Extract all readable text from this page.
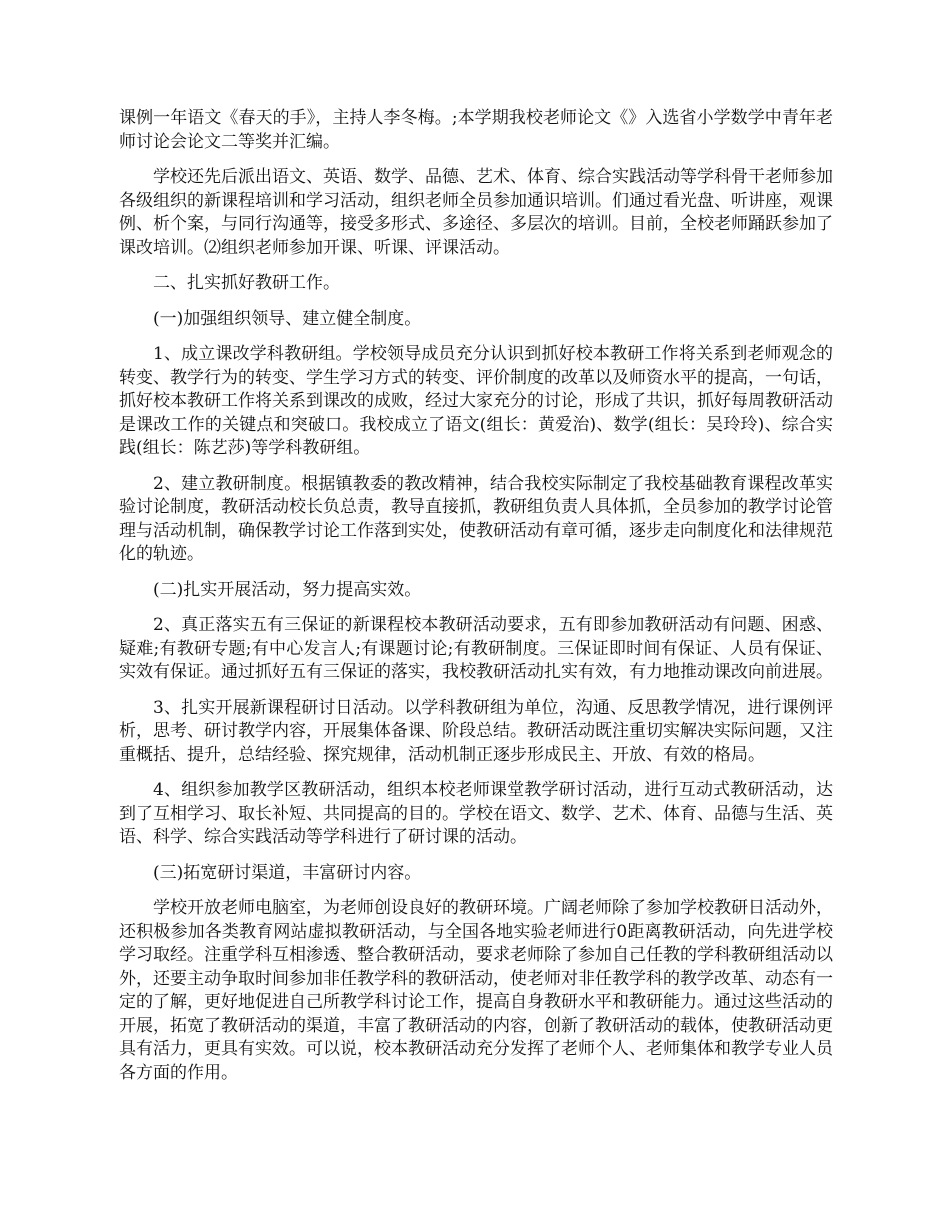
课例一年语文《春天的手》，主持人李冬梅。;本学期我校老师论文《》入选省小学数学中青年老师讨论会论文二等奖并汇编。

学校还先后派出语文、英语、数学、品德、艺术、体育、综合实践活动等学科骨干老师参加各级组织的新课程培训和学习活动，组织老师全员参加通识培训。们通过看光盘、听讲座，观课例、析个案，与同行沟通等，接受多形式、多途径、多层次的培训。目前，全校老师踊跃参加了课改培训。⑵组织老师参加开课、听课、评课活动。

二、扎实抓好教研工作。

(一)加强组织领导、建立健全制度。

1、成立课改学科教研组。学校领导成员充分认识到抓好校本教研工作将关系到老师观念的转变、教学行为的转变、学生学习方式的转变、评价制度的改革以及师资水平的提高，一句话，抓好校本教研工作将关系到课改的成败，经过大家充分的讨论，形成了共识，抓好每周教研活动是课改工作的关键点和突破口。我校成立了语文(组长：黄爱治)、数学(组长：吴玲玲)、综合实践(组长：陈艺莎)等学科教研组。

2、建立教研制度。根据镇教委的教改精神，结合我校实际制定了我校基础教育课程改革实验讨论制度，教研活动校长负总责，教导直接抓，教研组负责人具体抓，全员参加的教学讨论管理与活动机制，确保教学讨论工作落到实处，使教研活动有章可循，逐步走向制度化和法律规范化的轨迹。

(二)扎实开展活动，努力提高实效。

2、真正落实五有三保证的新课程校本教研活动要求，五有即参加教研活动有问题、困惑、疑难;有教研专题;有中心发言人;有课题讨论;有教研制度。三保证即时间有保证、人员有保证、实效有保证。通过抓好五有三保证的落实，我校教研活动扎实有效，有力地推动课改向前进展。

3、扎实开展新课程研讨日活动。以学科教研组为单位，沟通、反思教学情况，进行课例评析，思考、研讨教学内容，开展集体备课、阶段总结。教研活动既注重切实解决实际问题，又注重概括、提升，总结经验、探究规律，活动机制正逐步形成民主、开放、有效的格局。

4、组织参加教学区教研活动，组织本校老师课堂教学研讨活动，进行互动式教研活动，达到了互相学习、取长补短、共同提高的目的。学校在语文、数学、艺术、体育、品德与生活、英语、科学、综合实践活动等学科进行了研讨课的活动。

(三)拓宽研讨渠道，丰富研讨内容。

学校开放老师电脑室，为老师创设良好的教研环境。广阔老师除了参加学校教研日活动外，还积极参加各类教育网站虚拟教研活动，与全国各地实验老师进行0距离教研活动，向先进学校学习取经。注重学科互相渗透、整合教研活动，要求老师除了参加自己任教的学科教研组活动以外，还要主动争取时间参加非任教学科的教研活动，使老师对非任教学科的教学改革、动态有一定的了解，更好地促进自己所教学科讨论工作，提高自身教研水平和教研能力。通过这些活动的开展，拓宽了教研活动的渠道，丰富了教研活动的内容，创新了教研活动的载体，使教研活动更具有活力，更具有实效。可以说，校本教研活动充分发挥了老师个人、老师集体和教学专业人员各方面的作用。
